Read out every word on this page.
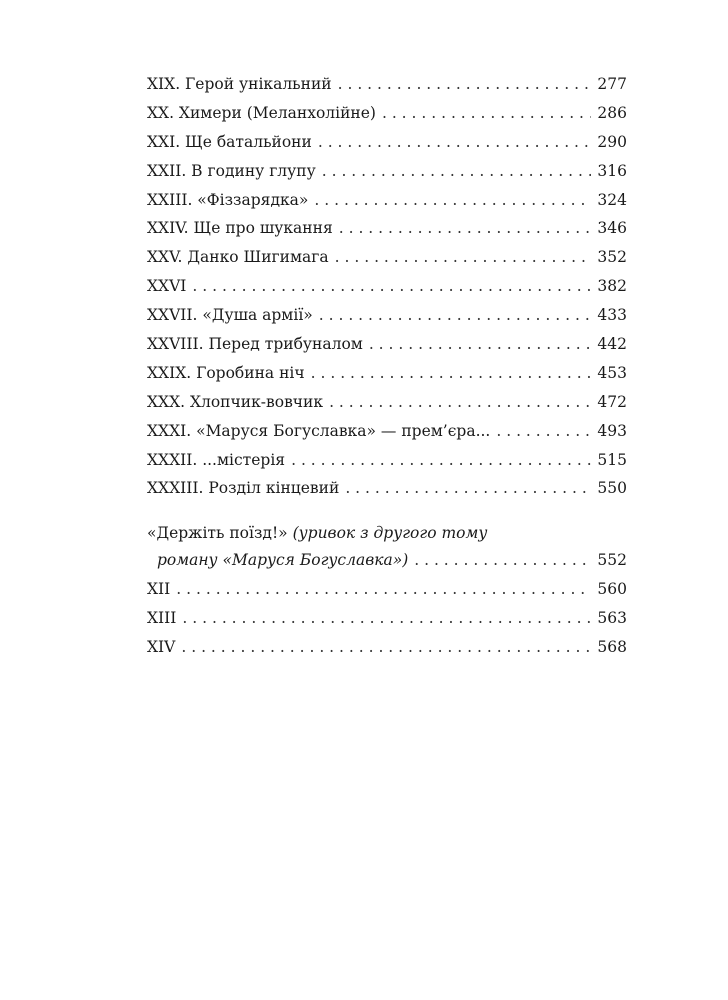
XIX. Герой унікальний . . .	277
XX. Химери (Меланхолійне) . . .	286
XXI. Ще батальйони . . .	290
XXII. В годину глупу . . .	316
XXIII. «Фіззарядка» . . .	324
XXIV. Ще про шукання . . .	346
XXV. Данко Шигимага . . .	352
XXVI . . .	382
XXVII. «Душа армії» . . .	433
XXVIII. Перед трибуналом . . .	442
XXIX. Горобина ніч . . .	453
XXX. Хлопчик-вовчик . . .	472
XXXI. «Маруся Богуславка» — прем’єра... . . .	493
XXXII. ...містерія . . .	515
XXXIII. Розділ кінцевий . . .	550
«Держіть поїзд!» (уривок з другого тому
роману «Маруся Богуславка») . . .	552
XII . . .	560
XIII . . .	563
XIV . . .	568
